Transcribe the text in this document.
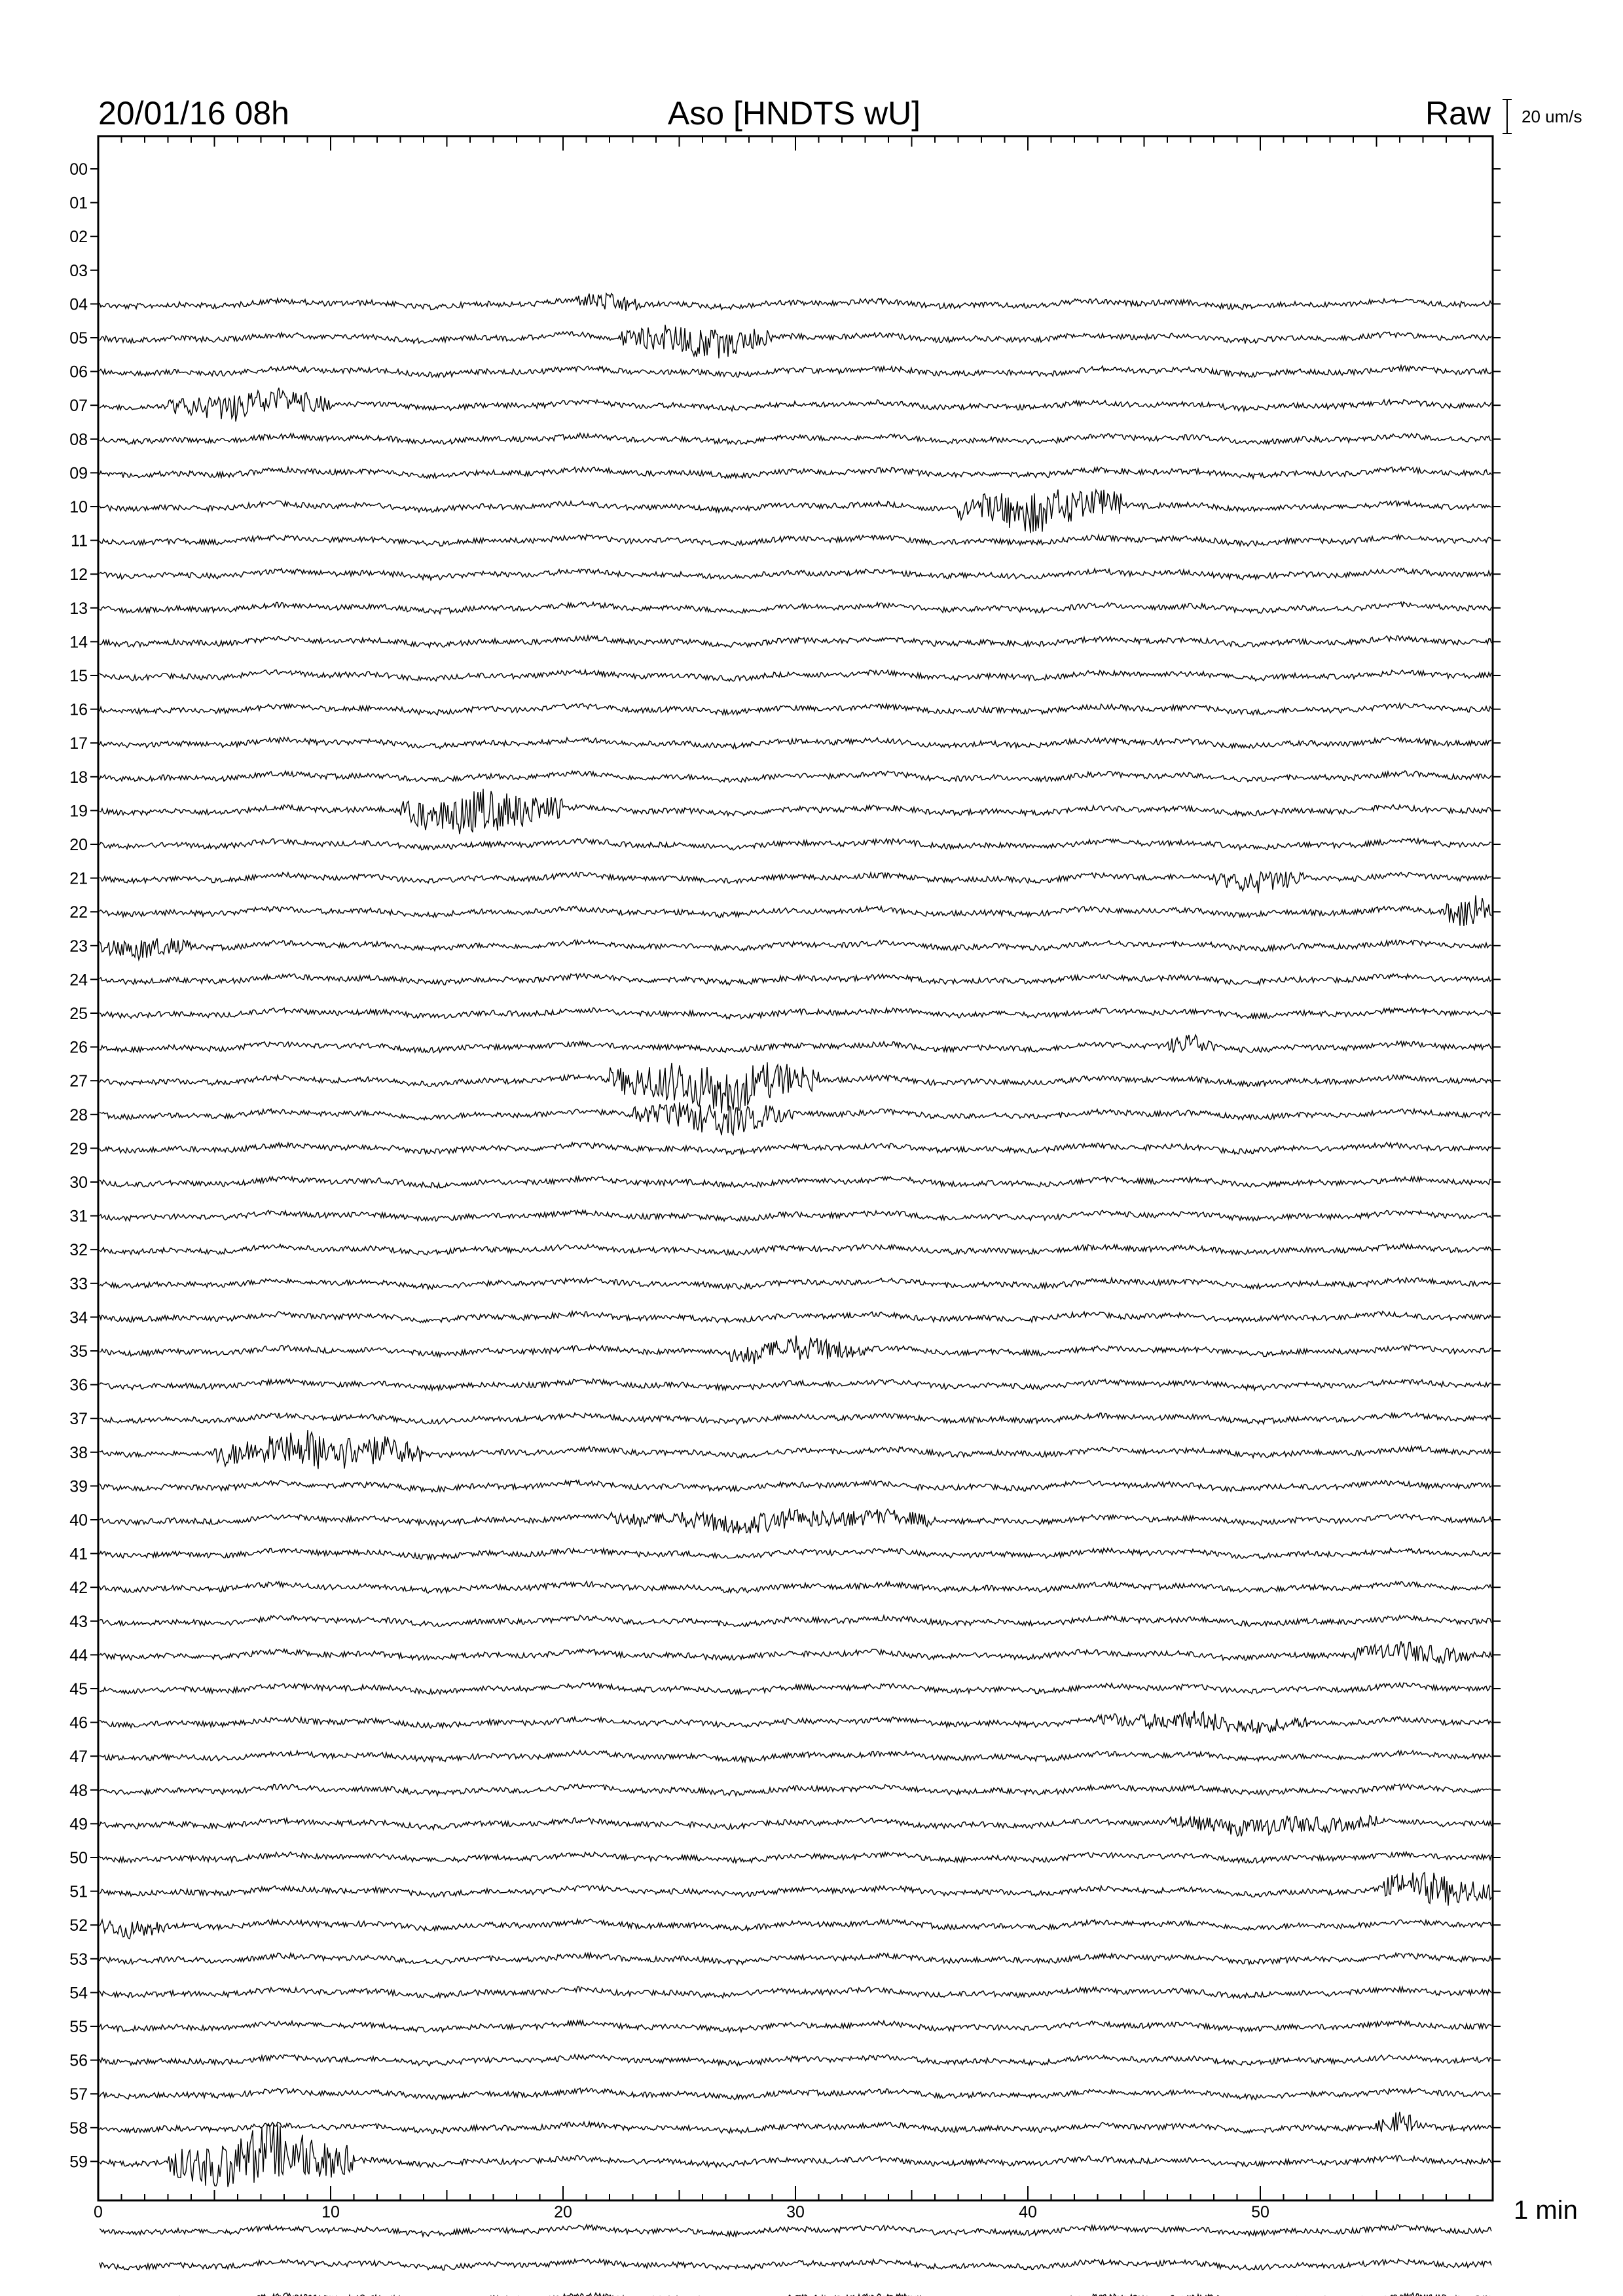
20/01/16 08h	Aso [HNDTS wU]	Raw 20 um/s
0	10	20	30	40	50
00
01
02
03
04
05
06
07
08
09
10
11
12
13
14
15
16
17
18
19
20
21
22
23
24
25
26
27
28
29
30
31
32
33
34
35
36
37
38
39
40
41
42
43
44
45
46
47
48
49
50
51
52
53
54
55
56
57
58
59
1 min
